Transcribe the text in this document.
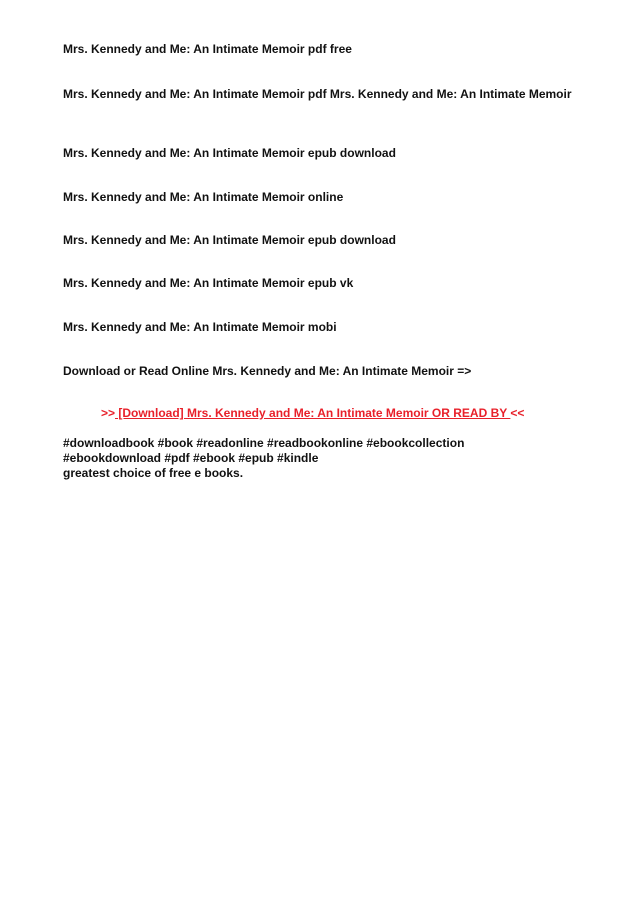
Mrs. Kennedy and Me: An Intimate Memoir pdf free
Mrs. Kennedy and Me: An Intimate Memoir pdf Mrs. Kennedy and Me: An Intimate Memoir
Mrs. Kennedy and Me: An Intimate Memoir epub download
Mrs. Kennedy and Me: An Intimate Memoir online
Mrs. Kennedy and Me: An Intimate Memoir epub download
Mrs. Kennedy and Me: An Intimate Memoir epub vk
Mrs. Kennedy and Me: An Intimate Memoir mobi
Download or Read Online Mrs. Kennedy and Me: An Intimate Memoir =>
>> [Download] Mrs. Kennedy and Me: An Intimate Memoir OR READ BY <<
#downloadbook #book #readonline #readbookonline #ebookcollection
#ebookdownload #pdf #ebook #epub #kindle
greatest choice of free e books.
